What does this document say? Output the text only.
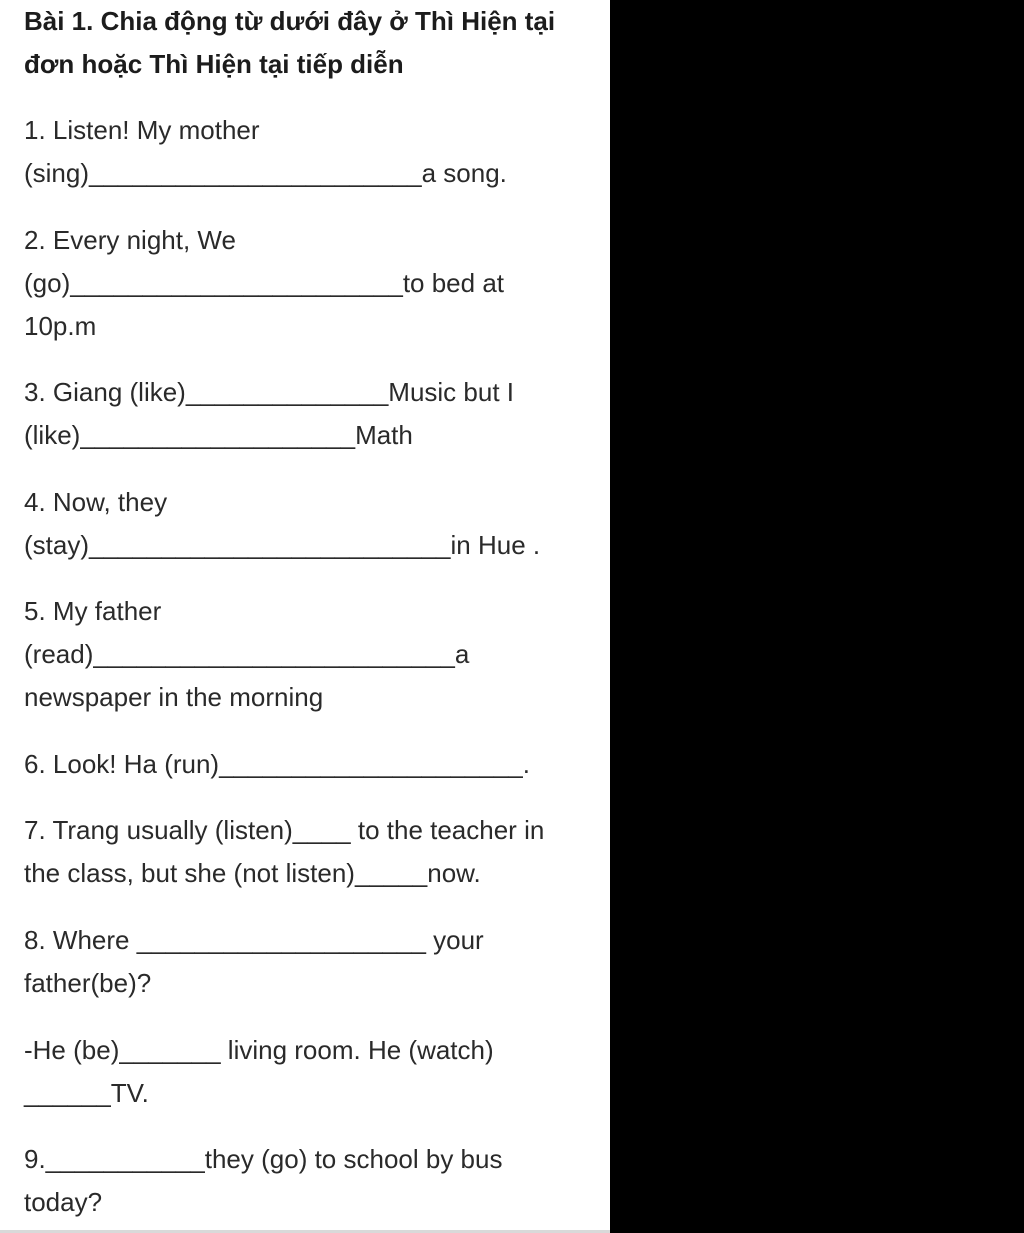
Bài 1. Chia động từ dưới đây ở Thì Hiện tại
đơn hoặc Thì Hiện tại tiếp diễn
1. Listen! My mother
(sing)_______________________a song.
2. Every night, We
(go)_______________________to bed at
10p.m
3. Giang (like)______________Music but I
(like)___________________Math
4. Now, they
(stay)_________________________in Hue .
5. My father
(read)_________________________a
newspaper in the morning
6. Look! Ha (run)_____________________.
7. Trang usually (listen)____ to the teacher in
the class, but she (not listen)_____now.
8. Where ____________________ your
father(be)?
-He (be)_______ living room. He (watch)
______TV.
9.___________they (go) to school by bus
today?
